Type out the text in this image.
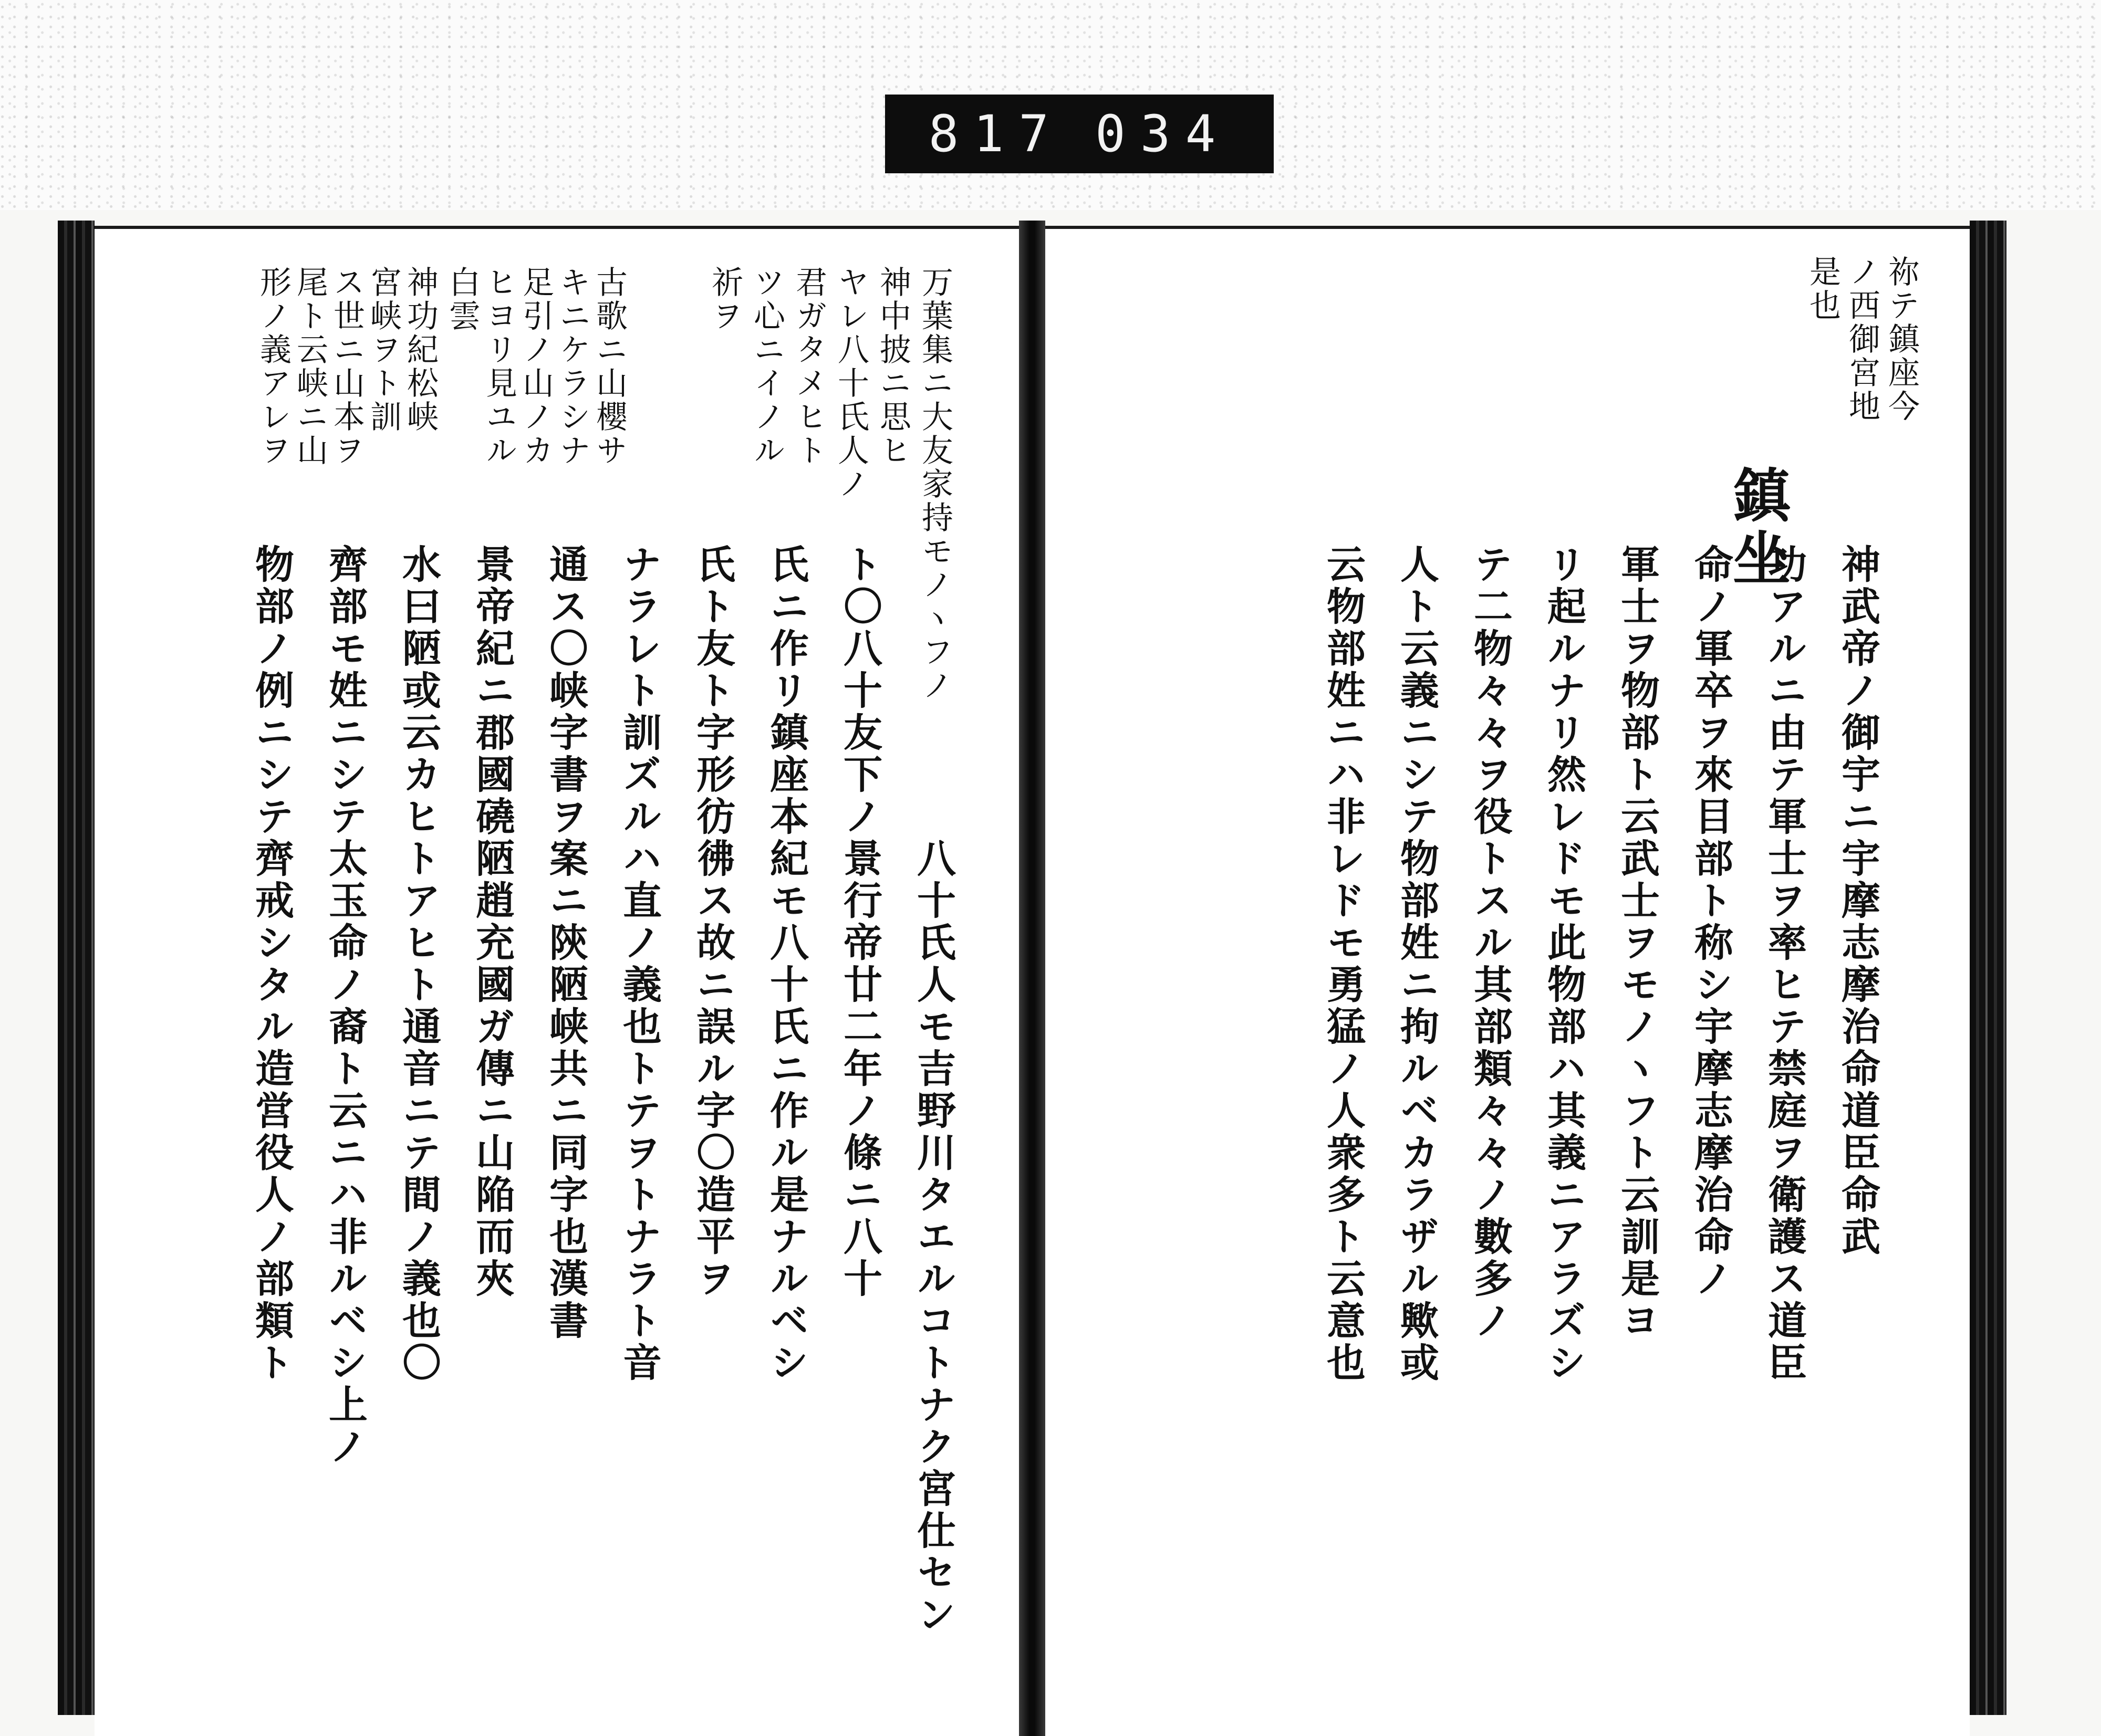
817 034
万葉集ニ大友家持モノヽフノ
神中披ニ思ヒ
ヤレ八十氏人ノ
君ガタメヒト
ツ心ニイノル
祈ヲ
古歌ニ山櫻サ
キニケラシナ
足引ノ山ノカ
ヒヨリ見ユル
白雲
神功紀松峡
宮峡ヲト訓
ス世ニ山本ヲ
尾ト云峡ニ山
形ノ義アレヲ
八十氏人モ吉野川タエルコトナク宮仕セン
ト〇八十友下ノ景行帝廿二年ノ條ニ八十
氏ニ作リ鎮座本紀モ八十氏ニ作ル是ナルベシ
氏ト友ト字形彷彿ス故ニ誤ル字〇造平ヲ
ナラレト訓ズルハ直ノ義也トテヲトナラト音
通ス〇峡字書ヲ案ニ陝陋峡共ニ同字也漢書
景帝紀ニ郡國磽陋趙充國ガ傳ニ山陥而夾
水曰陋或云カヒトアヒト通音ニテ間ノ義也〇
齊部モ姓ニシテ太玉命ノ裔ト云ニハ非ルベシ上ノ
物部ノ例ニシテ齊戒シタル造営役人ノ部類ト
祢テ鎮座今
ノ西御宮地
是也
鎮坐
神武帝ノ御宇ニ宇摩志摩治命道臣命武
功アルニ由テ軍士ヲ率ヒテ禁庭ヲ衛護ス道臣
命ノ軍卒ヲ來目部ト称シ宇摩志摩治命ノ
軍士ヲ物部ト云武士ヲモノヽフト云訓是ヨ
リ起ルナリ然レドモ此物部ハ其義ニアラズシ
テ二物々々ヲ役トスル其部類々々ノ數多ノ
人ト云義ニシテ物部姓ニ拘ルベカラザル歟或
云物部姓ニハ非レドモ勇猛ノ人衆多ト云意也
